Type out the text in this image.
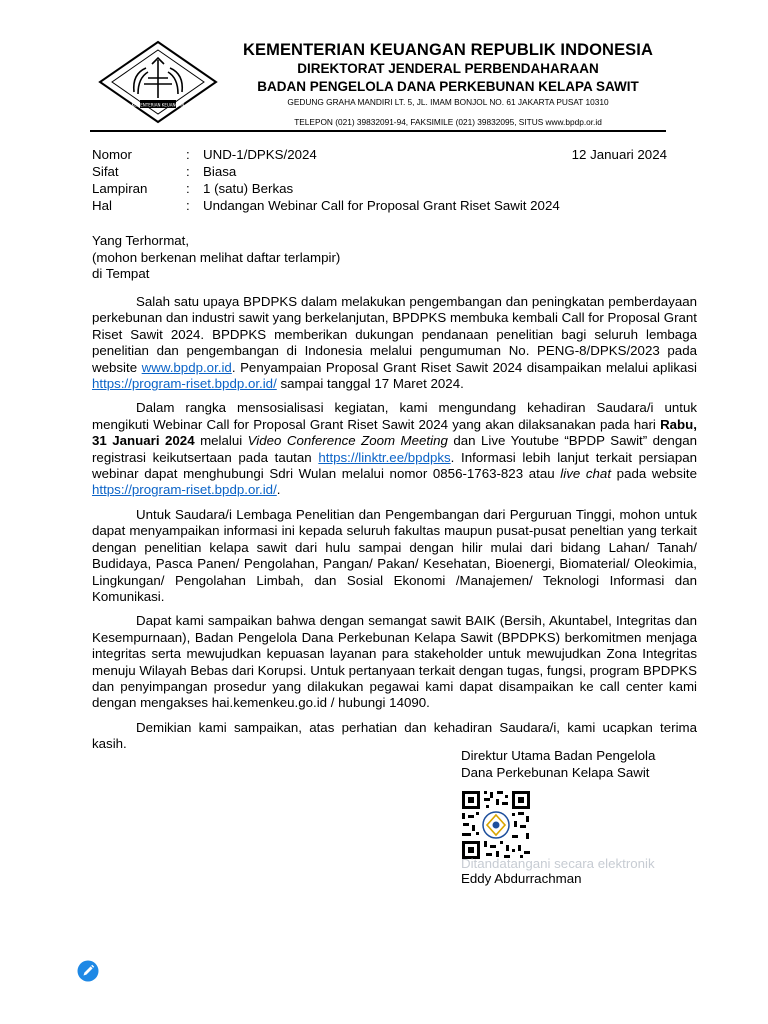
KEMENTERIAN KEUANGAN
KEMENTERIAN KEUANGAN REPUBLIK INDONESIA
DIREKTORAT JENDERAL PERBENDAHARAAN
BADAN PENGELOLA DANA PERKEBUNAN KELAPA SAWIT
GEDUNG GRAHA MANDIRI LT. 5, JL. IMAM BONJOL NO. 61 JAKARTA PUSAT 10310
TELEPON (021) 39832091-94, FAKSIMILE (021) 39832095, SITUS www.bpdp.or.id
Nomor	: UND-1/DPKS/2024	12 Januari 2024
Sifat	: Biasa
Lampiran	: 1 (satu) Berkas
Hal	: Undangan Webinar Call for Proposal Grant Riset Sawit 2024
Yang Terhormat,
(mohon berkenan melihat daftar terlampir)
di Tempat

Salah satu upaya BPDPKS dalam melakukan pengembangan dan peningkatan pemberdayaan perkebunan dan industri sawit yang berkelanjutan, BPDPKS membuka kembali Call for Proposal Grant Riset Sawit 2024. BPDPKS memberikan dukungan pendanaan penelitian bagi seluruh lembaga penelitian dan pengembangan di Indonesia melalui pengumuman No. PENG-8/DPKS/2023 pada website www.bpdp.or.id. Penyampaian Proposal Grant Riset Sawit 2024 disampaikan melalui aplikasi https://program-riset.bpdp.or.id/ sampai tanggal 17 Maret 2024.

Dalam rangka mensosialisasi kegiatan, kami mengundang kehadiran Saudara/i untuk mengikuti Webinar Call for Proposal Grant Riset Sawit 2024 yang akan dilaksanakan pada hari Rabu, 31 Januari 2024 melalui Video Conference Zoom Meeting dan Live Youtube “BPDP Sawit” dengan registrasi keikutsertaan pada tautan https://linktr.ee/bpdpks. Informasi lebih lanjut terkait persiapan webinar dapat menghubungi Sdri Wulan melalui nomor 0856-1763-823 atau live chat pada website https://program-riset.bpdp.or.id/.

Untuk Saudara/i Lembaga Penelitian dan Pengembangan dari Perguruan Tinggi, mohon untuk dapat menyampaikan informasi ini kepada seluruh fakultas maupun pusat-pusat peneltian yang terkait dengan penelitian kelapa sawit dari hulu sampai dengan hilir mulai dari bidang Lahan/ Tanah/ Budidaya, Pasca Panen/ Pengolahan, Pangan/ Pakan/ Kesehatan, Bioenergi, Biomaterial/ Oleokimia, Lingkungan/ Pengolahan Limbah, dan Sosial Ekonomi /Manajemen/ Teknologi Informasi dan Komunikasi.

Dapat kami sampaikan bahwa dengan semangat sawit BAIK (Bersih, Akuntabel, Integritas dan Kesempurnaan), Badan Pengelola Dana Perkebunan Kelapa Sawit (BPDPKS) berkomitmen menjaga integritas serta mewujudkan kepuasan layanan para stakeholder untuk mewujudkan Zona Integritas menuju Wilayah Bebas dari Korupsi. Untuk pertanyaan terkait dengan tugas, fungsi, program BPDPKS dan penyimpangan prosedur yang dilakukan pegawai kami dapat disampaikan ke call center kami dengan mengakses hai.kemenkeu.go.id / hubungi 14090.

Demikian kami sampaikan, atas perhatian dan kehadiran Saudara/i, kami ucapkan terima kasih.

Direktur Utama Badan Pengelola
Dana Perkebunan Kelapa Sawit
Ditandatangani secara elektronik
Eddy Abdurrachman
